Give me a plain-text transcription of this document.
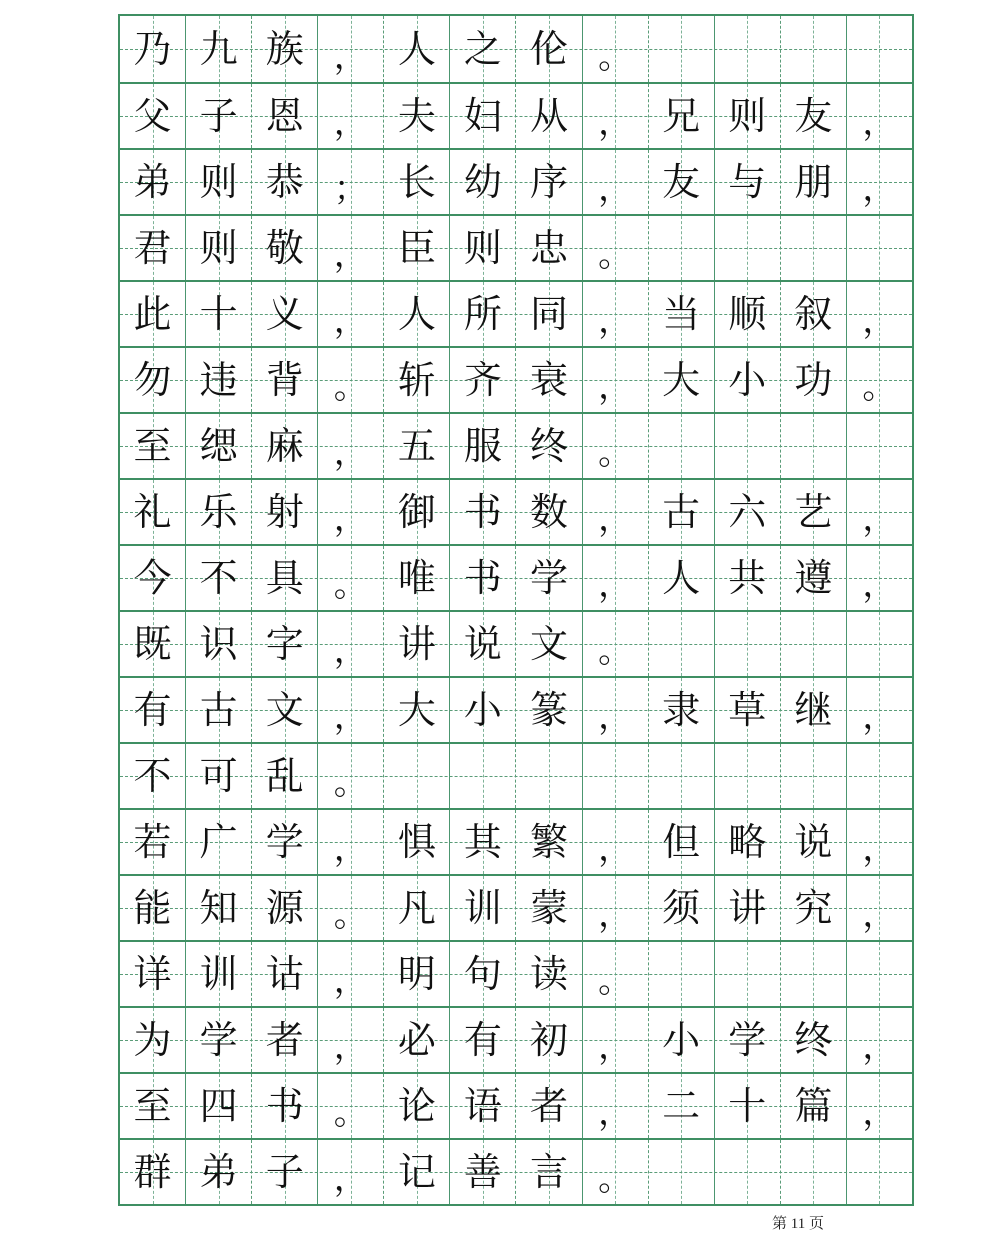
乃 九 族 ， 人 之 伦 。
父 子 恩 ， 夫 妇 从 ， 兄 则 友 ，
弟 则 恭 ； 长 幼 序 ， 友 与 朋 ，
君 则 敬 ， 臣 则 忠 。
此 十 义 ， 人 所 同 ， 当 顺 叙 ，
勿 违 背 。 斩 齐 衰 ， 大 小 功 。
至 缌 麻 ， 五 服 终 。
礼 乐 射 ， 御 书 数 ， 古 六 艺 ，
今 不 具 。 唯 书 学 ， 人 共 遵 ，
既 识 字 ， 讲 说 文 。
有 古 文 ， 大 小 篆 ， 隶 草 继 ，
不 可 乱 。
若 广 学 ， 惧 其 繁 ， 但 略 说 ，
能 知 源 。 凡 训 蒙 ， 须 讲 究 ，
详 训 诂 ， 明 句 读 。
为 学 者 ， 必 有 初 ， 小 学 终 ，
至 四 书 。 论 语 者 ， 二 十 篇 ，
群 弟 子 ， 记 善 言 。
第 11 页
